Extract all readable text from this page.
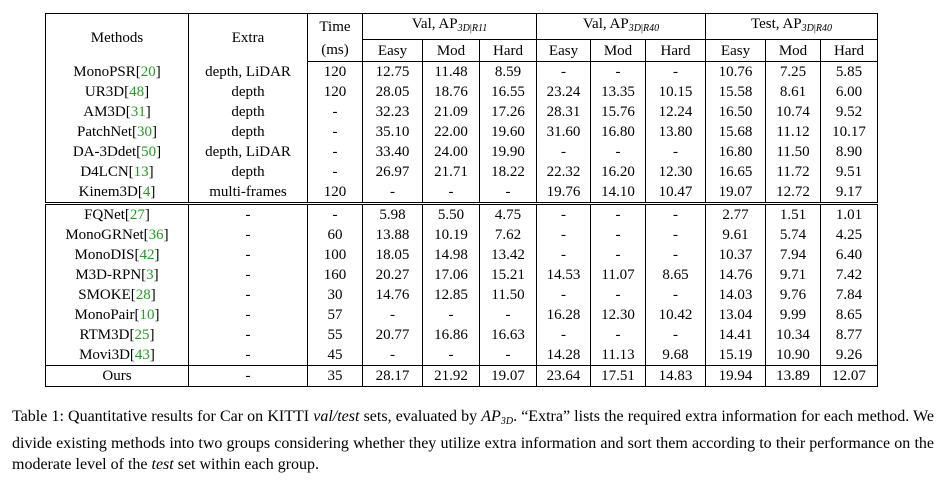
Methods	Extra	Time	Val, $AP_{3D|R11}$			Val, $AP_{3D|R40}$			Test, $AP_{3D|R40}$
		(ms)	Easy	Mod	Hard	Easy	Mod	Hard	Easy	Mod	Hard
MonoPSR[20]	depth, LiDAR	120	12.75	11.48	8.59	-	-	-	10.76	7.25	5.85
UR3D[48]	depth	120	28.05	18.76	16.55	23.24	13.35	10.15	15.58	8.61	6.00
AM3D[31]	depth	-	32.23	21.09	17.26	28.31	15.76	12.24	16.50	10.74	9.52
PatchNet[30]	depth	-	35.10	22.00	19.60	31.60	16.80	13.80	15.68	11.12	10.17
DA-3Ddet[50]	depth, LiDAR	-	33.40	24.00	19.90	-	-	-	16.80	11.50	8.90
D4LCN[13]	depth	-	26.97	21.71	18.22	22.32	16.20	12.30	16.65	11.72	9.51
Kinem3D[4]	multi-frames	120	-	-	-	19.76	14.10	10.47	19.07	12.72	9.17
FQNet[27]	-	-	5.98	5.50	4.75	-	-	-	2.77	1.51	1.01
MonoGRNet[36]	-	60	13.88	10.19	7.62	-	-	-	9.61	5.74	4.25
MonoDIS[42]	-	100	18.05	14.98	13.42	-	-	-	10.37	7.94	6.40
M3D-RPN[3]	-	160	20.27	17.06	15.21	14.53	11.07	8.65	14.76	9.71	7.42
SMOKE[28]	-	30	14.76	12.85	11.50	-	-	-	14.03	9.76	7.84
MonoPair[10]	-	57	-	-	-	16.28	12.30	10.42	13.04	9.99	8.65
RTM3D[25]	-	55	20.77	16.86	16.63	-	-	-	14.41	10.34	8.77
Movi3D[43]	-	45	-	-	-	14.28	11.13	9.68	15.19	10.90	9.26
Ours	-	35	28.17	21.92	19.07	23.64	17.51	14.83	19.94	13.89	12.07
Table 1: Quantitative results for Car on KITTI val/test sets, evaluated by $AP_{3D}$. “Extra” lists the required extra information for each method. We divide existing methods into two groups considering whether they utilize extra information and sort them according to their performance on the moderate level of the test set within each group.
